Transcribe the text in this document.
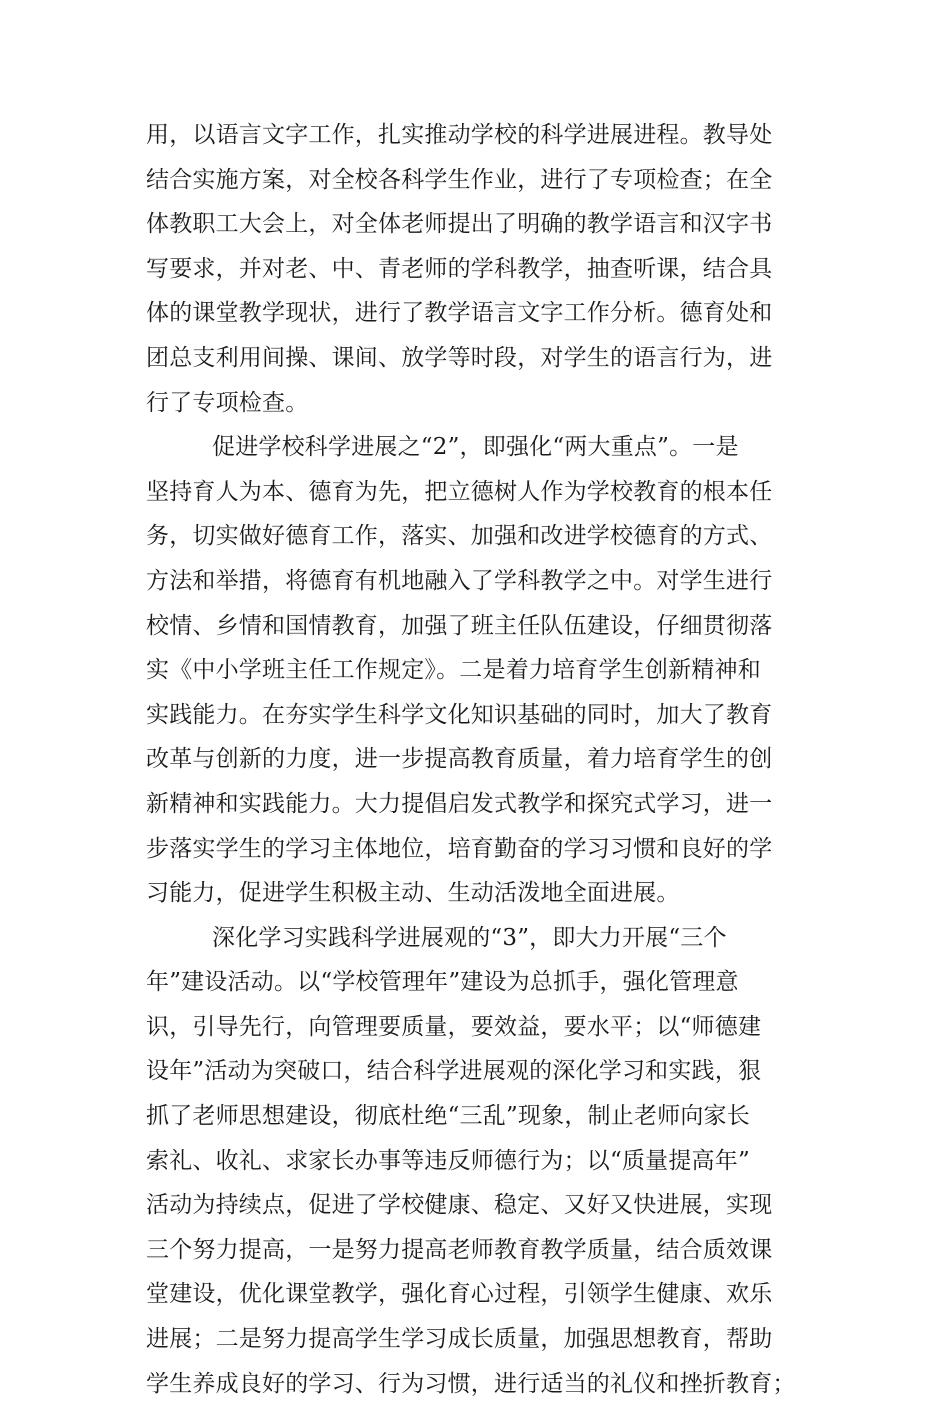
用，以语言文字工作，扎实推动学校的科学进展进程。教导处
结合实施方案，对全校各科学生作业，进行了专项检查；在全
体教职工大会上，对全体老师提出了明确的教学语言和汉字书
写要求，并对老、中、青老师的学科教学，抽查听课，结合具
体的课堂教学现状，进行了教学语言文字工作分析。德育处和
团总支利用间操、课间、放学等时段，对学生的语言行为，进
行了专项检查。
促进学校科学进展之“2”，即强化“两大重点”。一是
坚持育人为本、德育为先，把立德树人作为学校教育的根本任
务，切实做好德育工作，落实、加强和改进学校德育的方式、
方法和举措，将德育有机地融入了学科教学之中。对学生进行
校情、乡情和国情教育，加强了班主任队伍建设，仔细贯彻落
实《中小学班主任工作规定》。二是着力培育学生创新精神和
实践能力。在夯实学生科学文化知识基础的同时，加大了教育
改革与创新的力度，进一步提高教育质量，着力培育学生的创
新精神和实践能力。大力提倡启发式教学和探究式学习，进一
步落实学生的学习主体地位，培育勤奋的学习习惯和良好的学
习能力，促进学生积极主动、生动活泼地全面进展。
深化学习实践科学进展观的“3”，即大力开展“三个
年”建设活动。以“学校管理年”建设为总抓手，强化管理意
识，引导先行，向管理要质量，要效益，要水平；以“师德建
设年”活动为突破口，结合科学进展观的深化学习和实践，狠
抓了老师思想建设，彻底杜绝“三乱”现象，制止老师向家长
索礼、收礼、求家长办事等违反师德行为；以“质量提高年”
活动为持续点，促进了学校健康、稳定、又好又快进展，实现
三个努力提高，一是努力提高老师教育教学质量，结合质效课
堂建设，优化课堂教学，强化育心过程，引领学生健康、欢乐
进展；二是努力提高学生学习成长质量，加强思想教育，帮助
学生养成良好的学习、行为习惯，进行适当的礼仪和挫折教育；
